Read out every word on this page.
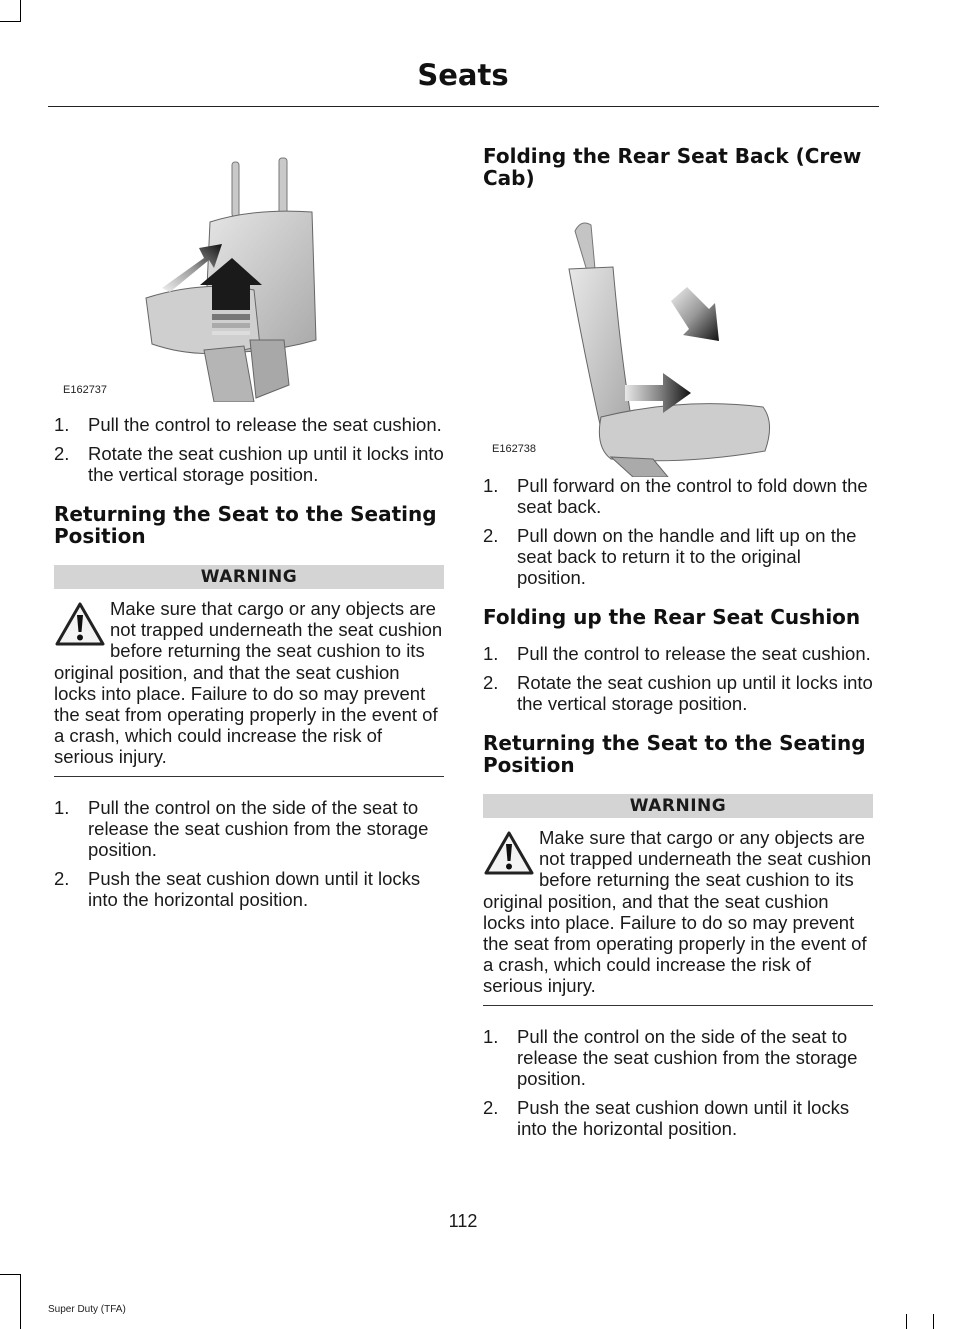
Seats
E162737
1. Pull the control to release the seat cushion.
2. Rotate the seat cushion up until it locks into the vertical storage position.
Returning the Seat to the Seating Position
WARNING
Make sure that cargo or any objects are not trapped underneath the seat cushion before returning the seat cushion to its original position, and that the seat cushion locks into place. Failure to do so may prevent the seat from operating properly in the event of a crash, which could increase the risk of serious injury.
1. Pull the control on the side of the seat to release the seat cushion from the storage position.
2. Push the seat cushion down until it locks into the horizontal position.
Folding the Rear Seat Back (Crew Cab)
E162738
1. Pull forward on the control to fold down the seat back.
2. Pull down on the handle and lift up on the seat back to return it to the original position.
Folding up the Rear Seat Cushion
1. Pull the control to release the seat cushion.
2. Rotate the seat cushion up until it locks into the vertical storage position.
Returning the Seat to the Seating Position
WARNING
Make sure that cargo or any objects are not trapped underneath the seat cushion before returning the seat cushion to its original position, and that the seat cushion locks into place. Failure to do so may prevent the seat from operating properly in the event of a crash, which could increase the risk of serious injury.
1. Pull the control on the side of the seat to release the seat cushion from the storage position.
2. Push the seat cushion down until it locks into the horizontal position.
112
Super Duty (TFA)
